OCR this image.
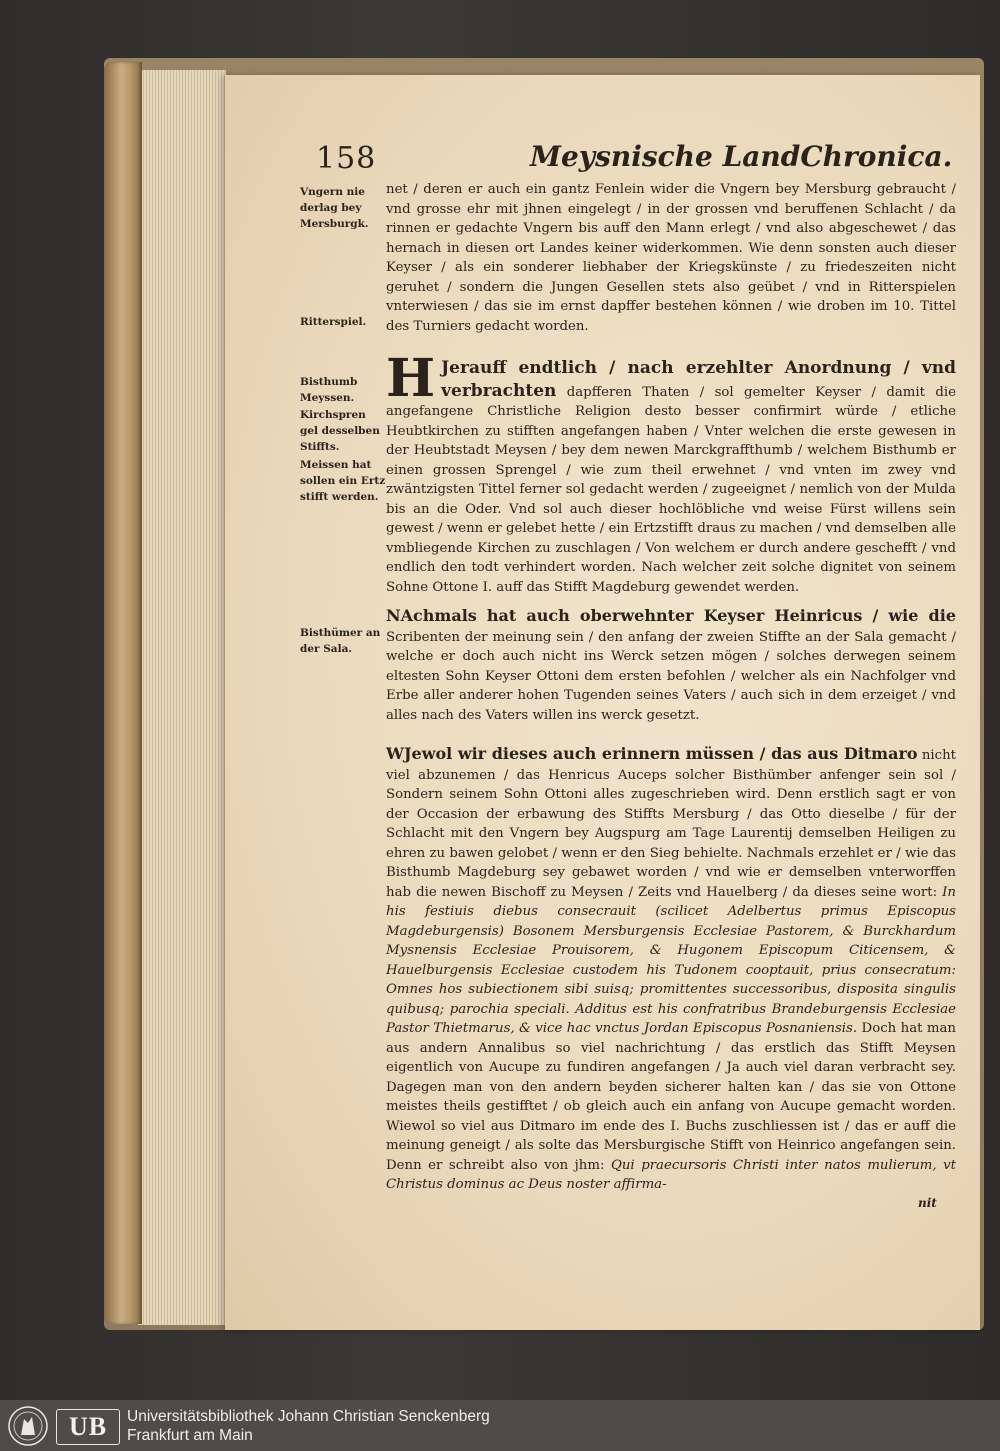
158	Meysnische LandChronica.
Vngern nie derlag bey Mersburgk.
Ritterspiel.
Bisthumb Meyssen.
Kirchspren gel desselben Stiffts.
Meissen hat sollen ein Ertz stifft werden.
Bisthümer an der Sala.

net / deren er auch ein gantz Fenlein wider die Vngern bey Mersburg gebraucht / vnd grosse ehr mit jhnen eingelegt / in der grossen vnd beruffenen Schlacht / da rinnen er gedachte Vngern bis auff den Mann erlegt / vnd also abgeschewet / das hernach in diesen ort Landes keiner widerkommen. Wie denn sonsten auch dieser Keyser / als ein sonderer liebhaber der Kriegskünste / zu friedeszeiten nicht geruhet / sondern die Jungen Gesellen stets also geübet / vnd in Ritterspielen vnterwiesen / das sie im ernst dapffer bestehen können / wie droben im 10. Tittel des Turniers gedacht worden.

H Jerauff endtlich / nach erzehlter Anordnung / vnd verbrachten dapfferen Thaten / sol gemelter Keyser / damit die angefangene Christliche Religion desto besser confirmirt würde / etliche Heubtkirchen zu stifften angefangen haben / Vnter welchen die erste gewesen in der Heubtstadt Meysen / bey dem newen Marckgraffthumb / welchem Bisthumb er einen grossen Sprengel / wie zum theil erwehnet / vnd vnten im zwey vnd zwäntzigsten Tittel ferner sol gedacht werden / zugeeignet / nemlich von der Mulda bis an die Oder. Vnd sol auch dieser hochlöbliche vnd weise Fürst willens sein gewest / wenn er gelebet hette / ein Ertzstifft draus zu machen / vnd demselben alle vmbliegende Kirchen zu zuschlagen / Von welchem er durch andere geschefft / vnd endlich den todt verhindert worden. Nach welcher zeit solche dignitet von seinem Sohne Ottone I. auff das Stifft Magdeburg gewendet werden.

NAchmals hat auch oberwehnter Keyser Heinricus / wie die Scribenten der meinung sein / den anfang der zweien Stiffte an der Sala gemacht / welche er doch auch nicht ins Werck setzen mögen / solches derwegen seinem eltesten Sohn Keyser Ottoni dem ersten befohlen / welcher als ein Nachfolger vnd Erbe aller anderer hohen Tugenden seines Vaters / auch sich in dem erzeiget / vnd alles nach des Vaters willen ins werck gesetzt.

WJewol wir dieses auch erinnern müssen / das aus Ditmaro nicht viel abzunemen / das Henricus Auceps solcher Bisthümber anfenger sein sol / Sondern seinem Sohn Ottoni alles zugeschrieben wird. Denn erstlich sagt er von der Occasion der erbawung des Stiffts Mersburg / das Otto dieselbe / für der Schlacht mit den Vngern bey Augspurg am Tage Laurentij demselben Heiligen zu ehren zu bawen gelobet / wenn er den Sieg behielte. Nachmals erzehlet er / wie das Bisthumb Magdeburg sey gebawet worden / vnd wie er demselben vnterworffen hab die newen Bischoff zu Meysen / Zeits vnd Hauelberg / da dieses seine wort: In his festiuis diebus consecrauit (scilicet Adelbertus primus Episcopus Magdeburgensis) Bosonem Mersburgensis Ecclesiae Pastorem, & Burckhardum Mysnensis Ecclesiae Prouisorem, & Hugonem Episcopum Citicensem, & Hauelburgensis Ecclesiae custodem his Tudonem cooptauit, prius consecratum: Omnes hos subiectionem sibi suisq; promittentes successoribus, disposita singulis quibusq; parochia speciali. Additus est his confratribus Brandeburgensis Ecclesiae Pastor Thietmarus, & vice hac vnctus Jordan Episcopus Posnaniensis. Doch hat man aus andern Annalibus so viel nachrichtung / das erstlich das Stifft Meysen eigentlich von Aucupe zu fundiren angefangen / Ja auch viel daran verbracht sey. Dagegen man von den andern beyden sicherer halten kan / das sie von Ottone meistes theils gestifftet / ob gleich auch ein anfang von Aucupe gemacht worden. Wiewol so viel aus Ditmaro im ende des I. Buchs zuschliessen ist / das er auff die meinung geneigt / als solte das Mersburgische Stifft von Heinrico angefangen sein. Denn er schreibt also von jhm: Qui praecursoris Christi inter natos mulierum, vt Christus dominus ac Deus noster affirma-

nit
UB	Universitätsbibliothek Johann Christian Senckenberg
Frankfurt am Main
